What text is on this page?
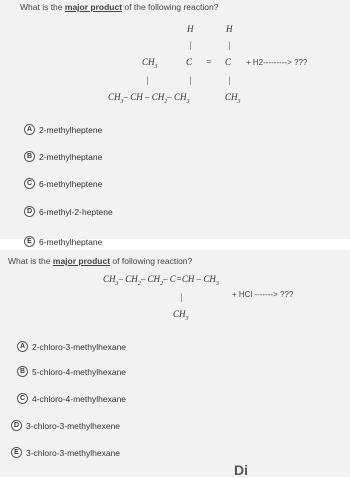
What is the major product of the following reaction?
H	H
|	|
$CH_3$	C = C + H2---------> ???
|	|	|
$CH_3-$ CH – $CH_2-$ $CH_3$	$CH_3$
A 2-methylheptene
B 2-methylheptane
C 6-methylheptene
D 6-methyl-2-heptene
E 6-methylheptane
What is the major product of following reaction?
$CH_3-$ $CH_2-$ $CH_2-$ $C=CH - CH_3$
+ HCl -------> ???
|
$CH_3$
A 2-chloro-3-methylhexane
B 5-chloro-4-methylhexane
C 4-chloro-4-methylhexane
D 3-chloro-3-methylhexene
E 3-chloro-3-methylhexane
Di
